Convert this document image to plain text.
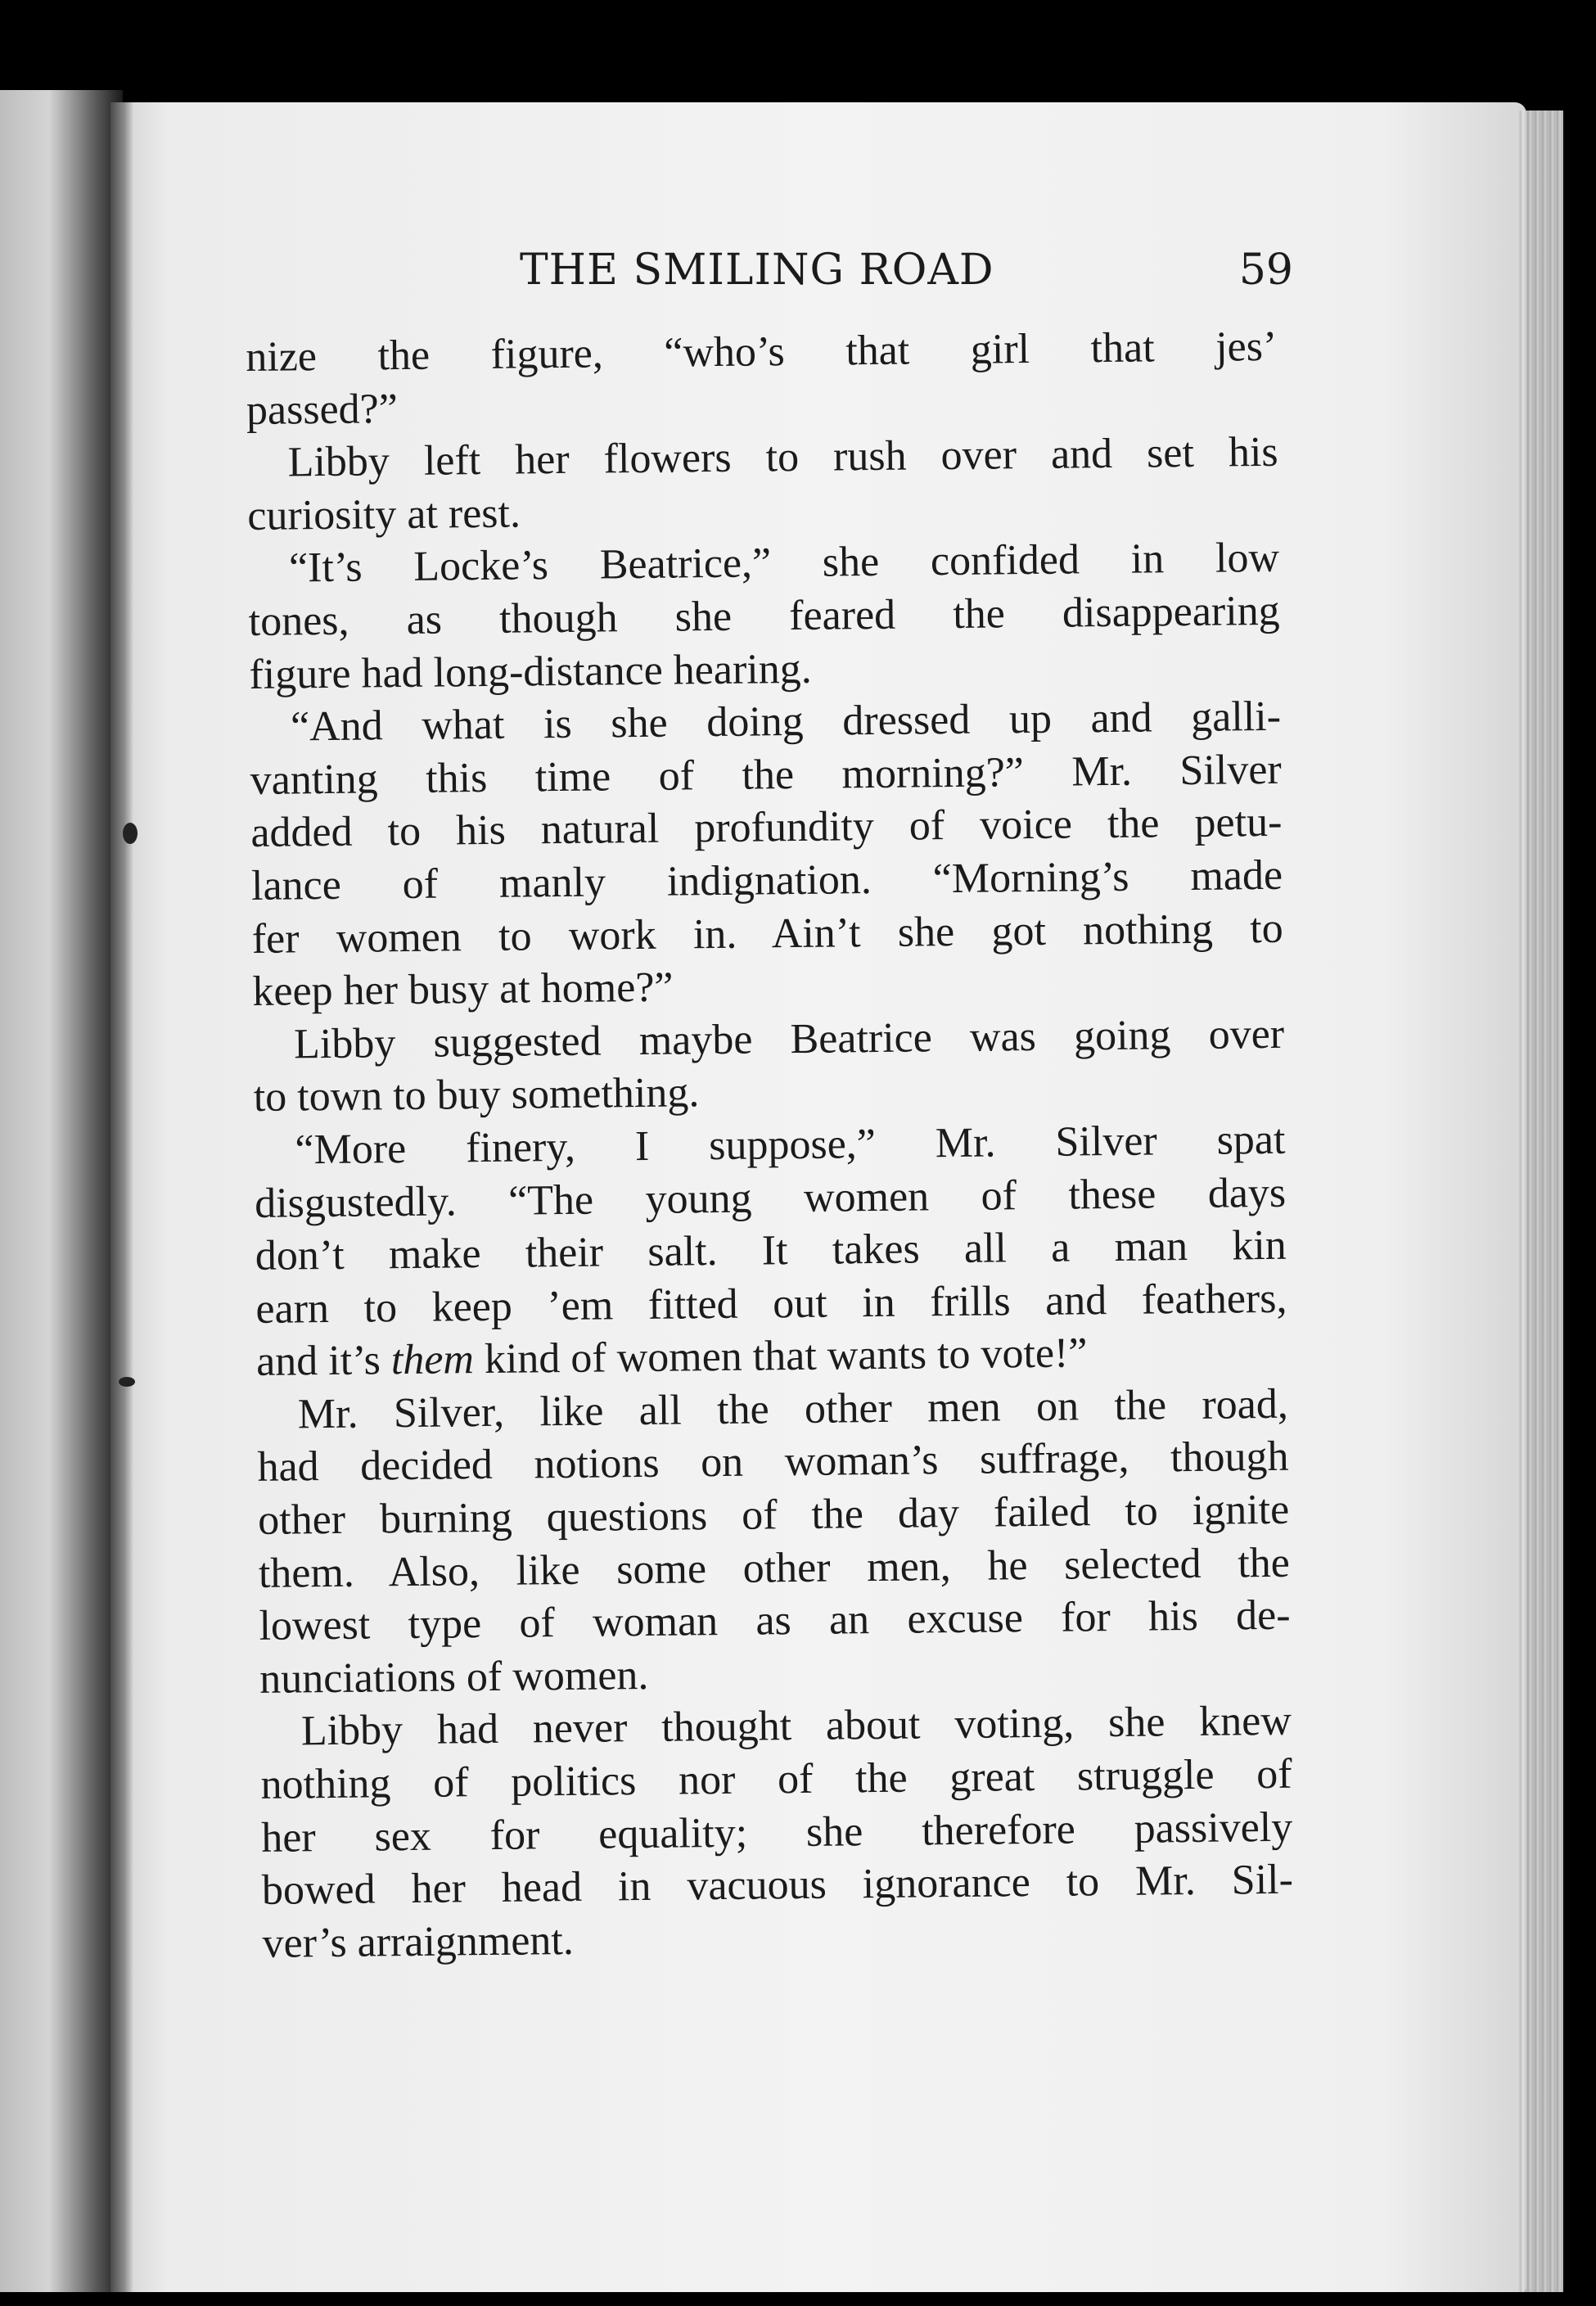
THE SMILING ROAD	59
nize the figure, “who’s that girl that jes’
passed?”
Libby left her flowers to rush over and set his
curiosity at rest.
“It’s Locke’s Beatrice,” she confided in low
tones, as though she feared the disappearing
figure had long-distance hearing.
“And what is she doing dressed up and galli-
vanting this time of the morning?” Mr. Silver
added to his natural profundity of voice the petu-
lance of manly indignation. “Morning’s made
fer women to work in. Ain’t she got nothing to
keep her busy at home?”
Libby suggested maybe Beatrice was going over
to town to buy something.
“More finery, I suppose,” Mr. Silver spat
disgustedly. “The young women of these days
don’t make their salt. It takes all a man kin
earn to keep ’em fitted out in frills and feathers,
and it’s them kind of women that wants to vote!”
Mr. Silver, like all the other men on the road,
had decided notions on woman’s suffrage, though
other burning questions of the day failed to ignite
them. Also, like some other men, he selected the
lowest type of woman as an excuse for his de-
nunciations of women.
Libby had never thought about voting, she knew
nothing of politics nor of the great struggle of
her sex for equality; she therefore passively
bowed her head in vacuous ignorance to Mr. Sil-
ver’s arraignment.
